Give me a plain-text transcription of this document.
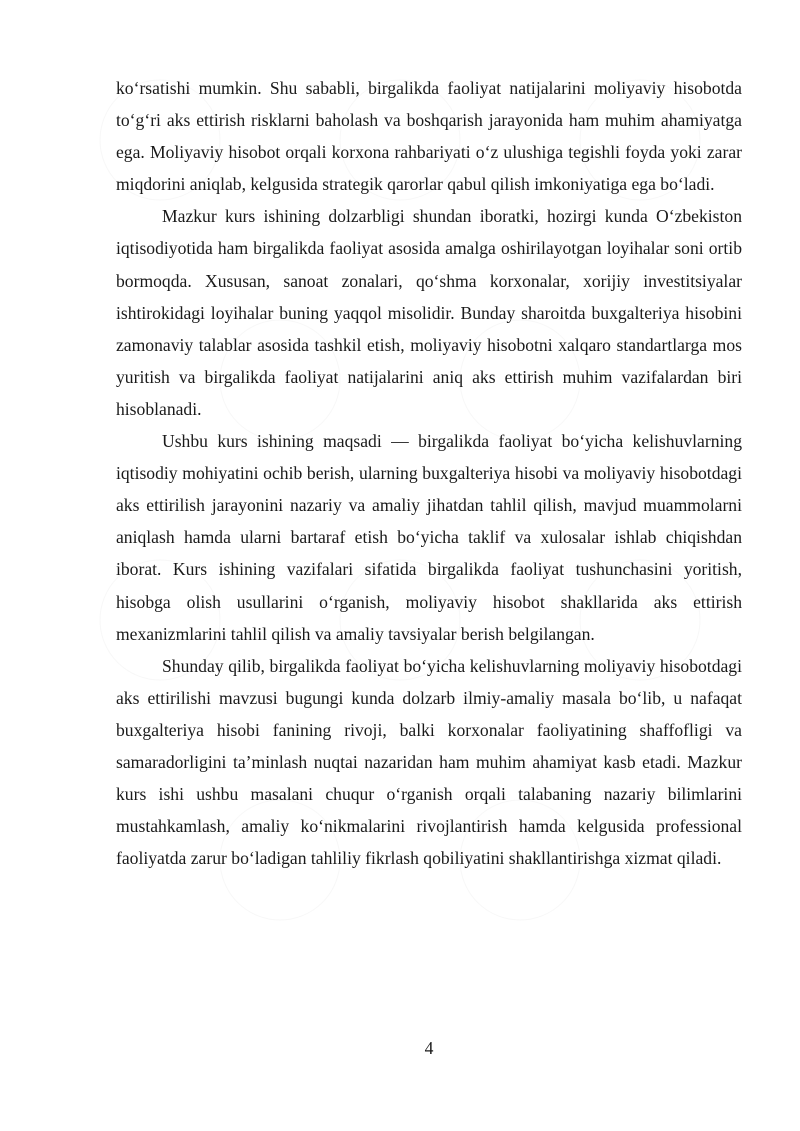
ko‘rsatishi mumkin. Shu sababli, birgalikda faoliyat natijalarini moliyaviy hisobotda to‘g‘ri aks ettirish risklarni baholash va boshqarish jarayonida ham muhim ahamiyatga ega. Moliyaviy hisobot orqali korxona rahbariyati o‘z ulushiga tegishli foyda yoki zarar miqdorini aniqlab, kelgusida strategik qarorlar qabul qilish imkoniyatiga ega bo‘ladi.

Mazkur kurs ishining dolzarbligi shundan iboratki, hozirgi kunda O‘zbekiston iqtisodiyotida ham birgalikda faoliyat asosida amalga oshirilayotgan loyihalar soni ortib bormoqda. Xususan, sanoat zonalari, qo‘shma korxonalar, xorijiy investitsiyalar ishtirokidagi loyihalar buning yaqqol misolidir. Bunday sharoitda buxgalteriya hisobini zamonaviy talablar asosida tashkil etish, moliyaviy hisobotni xalqaro standartlarga mos yuritish va birgalikda faoliyat natijalarini aniq aks ettirish muhim vazifalardan biri hisoblanadi.

Ushbu kurs ishining maqsadi — birgalikda faoliyat bo‘yicha kelishuvlarning iqtisodiy mohiyatini ochib berish, ularning buxgalteriya hisobi va moliyaviy hisobotdagi aks ettirilish jarayonini nazariy va amaliy jihatdan tahlil qilish, mavjud muammolarni aniqlash hamda ularni bartaraf etish bo‘yicha taklif va xulosalar ishlab chiqishdan iborat. Kurs ishining vazifalari sifatida birgalikda faoliyat tushunchasini yoritish, hisobga olish usullarini o‘rganish, moliyaviy hisobot shakllarida aks ettirish mexanizmlarini tahlil qilish va amaliy tavsiyalar berish belgilangan.

Shunday qilib, birgalikda faoliyat bo‘yicha kelishuvlarning moliyaviy hisobotdagi aks ettirilishi mavzusi bugungi kunda dolzarb ilmiy-amaliy masala bo‘lib, u nafaqat buxgalteriya hisobi fanining rivoji, balki korxonalar faoliyatining shaffofligi va samaradorligini ta’minlash nuqtai nazaridan ham muhim ahamiyat kasb etadi. Mazkur kurs ishi ushbu masalani chuqur o‘rganish orqali talabaning nazariy bilimlarini mustahkamlash, amaliy ko‘nikmalarini rivojlantirish hamda kelgusida professional faoliyatda zarur bo‘ladigan tahliliy fikrlash qobiliyatini shakllantirishga xizmat qiladi.

4
